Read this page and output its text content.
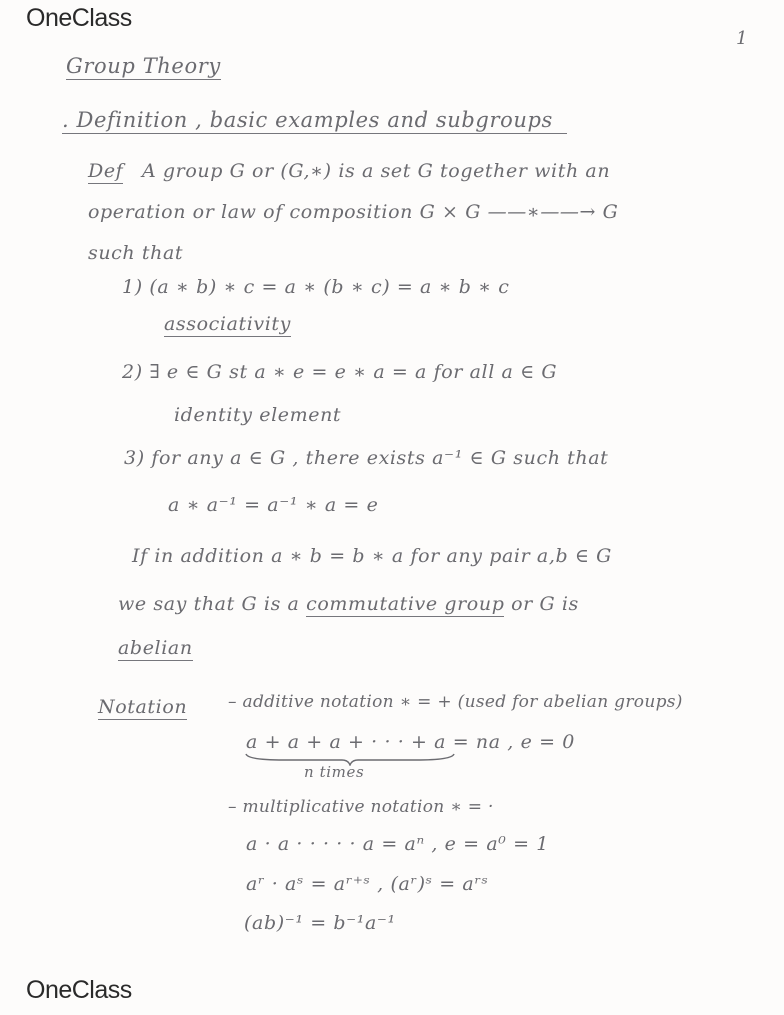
OneClass
1
Group Theory
. Definition , basic examples and subgroups
Def A group G or (G,∗) is a set G together with an
operation or law of composition G × G ——∗——→ G
such that
1) (a ∗ b) ∗ c = a ∗ (b ∗ c) = a ∗ b ∗ c
associativity
2) ∃ e ∈ G st a ∗ e = e ∗ a = a for all a ∈ G
identity element
3) for any a ∈ G , there exists a⁻¹ ∈ G such that
a ∗ a⁻¹ = a⁻¹ ∗ a = e
If in addition a ∗ b = b ∗ a for any pair a,b ∈ G
we say that G is a commutative group or G is
abelian
Notation – additive notation ∗ = + (used for abelian groups)
a + a + a + · · · + a = na , e = 0
n times
– multiplicative notation ∗ = ·
a · a · · · · · a = aⁿ , e = a⁰ = 1
aʳ · aˢ = aʳ⁺ˢ , (aʳ)ˢ = aʳˢ
(ab)⁻¹ = b⁻¹a⁻¹
OneClass
